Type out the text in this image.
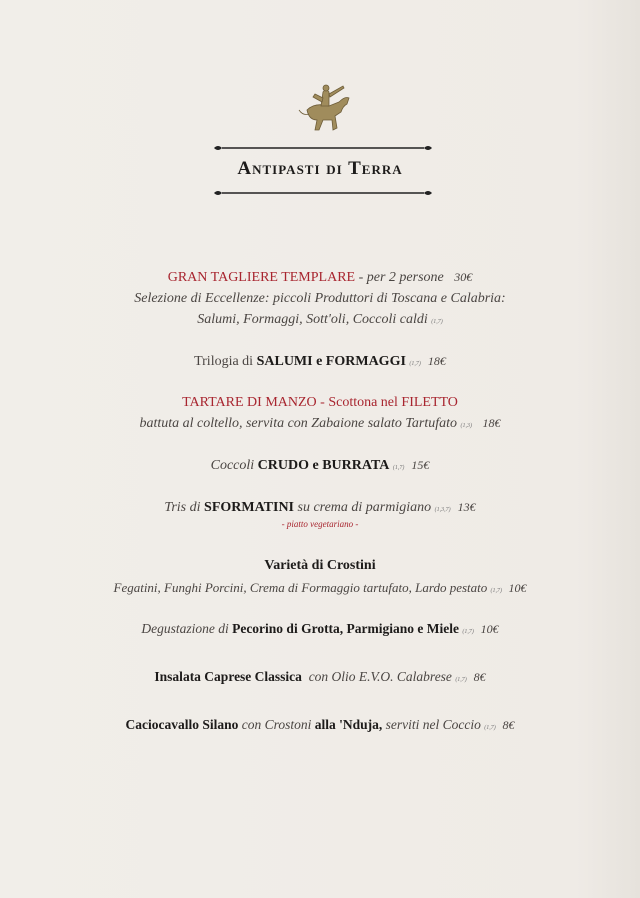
Antipasti di Terra
GRAN TAGLIERE TEMPLARE - per 2 persone 30€
Selezione di Eccellenze: piccoli Produttori di Toscana e Calabria:
Salumi, Formaggi, Sott'oli, Coccoli caldi (1,7)
Trilogia di SALUMI e FORMAGGI (1,7) 18€
TARTARE DI MANZO - Scottona nel FILETTO
battuta al coltello, servita con Zabaione salato Tartufato (1,3) 18€
Coccoli CRUDO e BURRATA (1,7) 15€
Tris di SFORMATINI su crema di parmigiano (1,3,7) 13€
- piatto vegetariano -
Varietà di Crostini
Fegatini, Funghi Porcini, Crema di Formaggio tartufato, Lardo pestato (1,7) 10€
Degustazione di Pecorino di Grotta, Parmigiano e Miele (1,7) 10€
Insalata Caprese Classica  con Olio E.V.O. Calabrese (1,7) 8€
Caciocavallo Silano con Crostoni alla 'Nduja, serviti nel Coccio (1,7) 8€
